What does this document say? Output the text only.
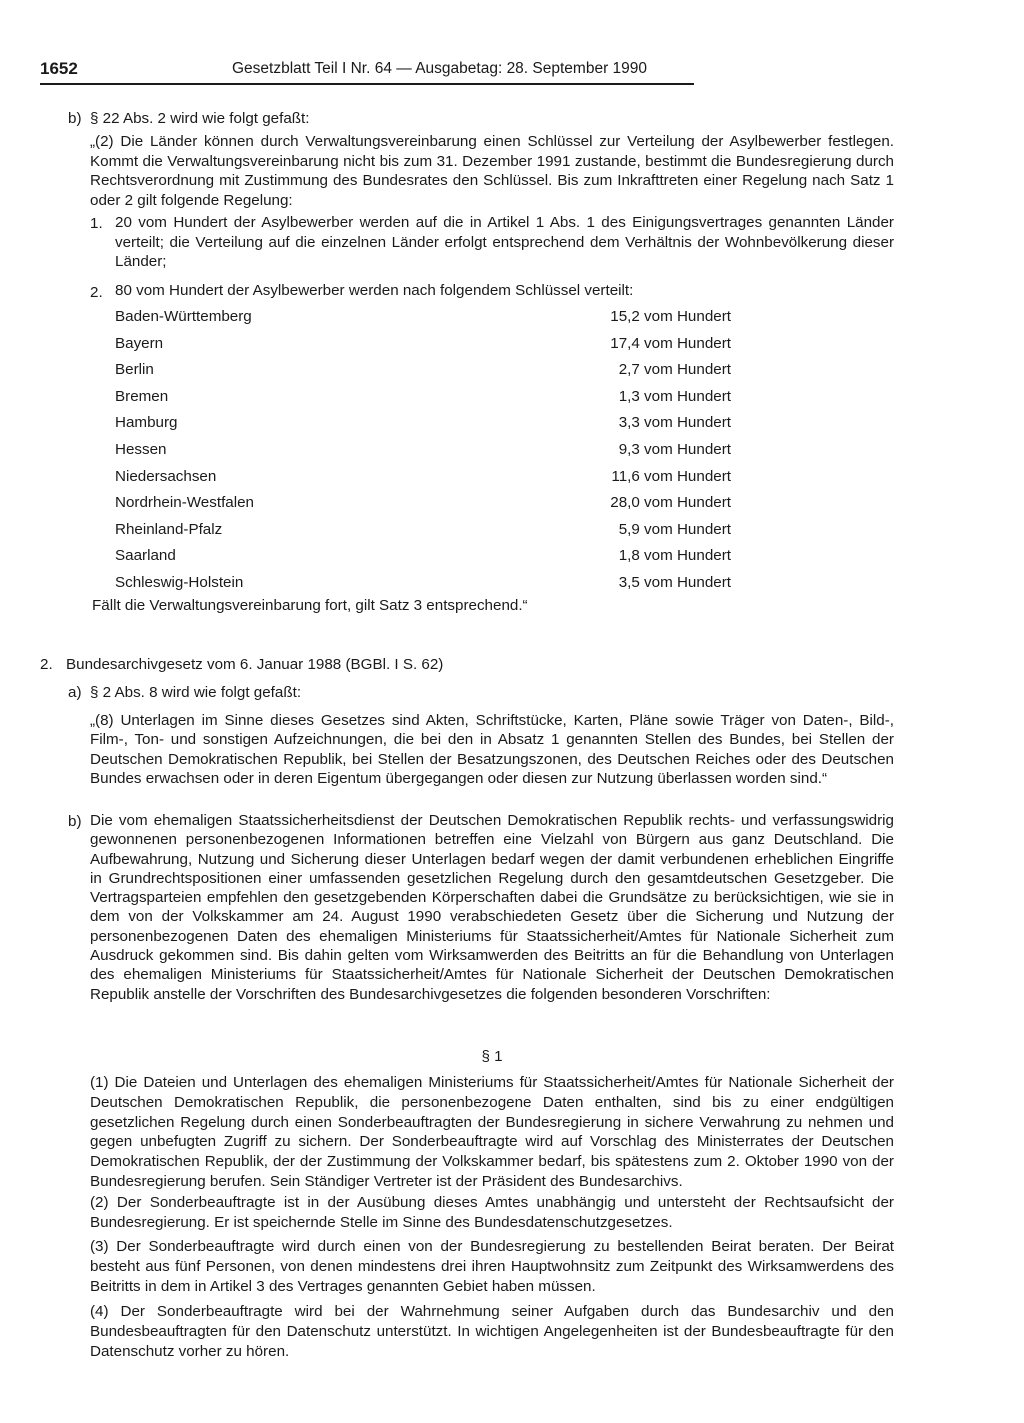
1652	Gesetzblatt Teil I Nr. 64 — Ausgabetag: 28. September 1990
b) § 22 Abs. 2 wird wie folgt gefaßt:

„(2) Die Länder können durch Verwaltungsvereinbarung einen Schlüssel zur Verteilung der Asylbewerber festlegen. Kommt die Verwaltungsvereinbarung nicht bis zum 31. Dezember 1991 zustande, bestimmt die Bundesregierung durch Rechtsverordnung mit Zustimmung des Bundesrates den Schlüssel. Bis zum Inkrafttreten einer Regelung nach Satz 1 oder 2 gilt folgende Regelung:

1. 20 vom Hundert der Asylbewerber werden auf die in Artikel 1 Abs. 1 des Einigungsvertrages genannten Länder verteilt; die Verteilung auf die einzelnen Länder erfolgt entsprechend dem Verhältnis der Wohnbevölkerung dieser Länder;

2. 80 vom Hundert der Asylbewerber werden nach folgendem Schlüssel verteilt:
Baden-Württemberg	15,2 vom Hundert
Bayern	17,4 vom Hundert
Berlin	2,7 vom Hundert
Bremen	1,3 vom Hundert
Hamburg	3,3 vom Hundert
Hessen	9,3 vom Hundert
Niedersachsen	11,6 vom Hundert
Nordrhein-Westfalen	28,0 vom Hundert
Rheinland-Pfalz	5,9 vom Hundert
Saarland	1,8 vom Hundert
Schleswig-Holstein	3,5 vom Hundert
Fällt die Verwaltungsvereinbarung fort, gilt Satz 3 entsprechend.“
2. Bundesarchivgesetz vom 6. Januar 1988 (BGBl. I S. 62)
a) § 2 Abs. 8 wird wie folgt gefaßt:

„(8) Unterlagen im Sinne dieses Gesetzes sind Akten, Schriftstücke, Karten, Pläne sowie Träger von Daten-, Bild-, Film-, Ton- und sonstigen Aufzeichnungen, die bei den in Absatz 1 genannten Stellen des Bundes, bei Stellen der Deutschen Demokratischen Republik, bei Stellen der Besatzungszonen, des Deutschen Reiches oder des Deutschen Bundes erwachsen oder in deren Eigentum übergegangen oder diesen zur Nutzung überlassen worden sind.“

b) Die vom ehemaligen Staatssicherheitsdienst der Deutschen Demokratischen Republik rechts- und verfassungswidrig gewonnenen personenbezogenen Informationen betreffen eine Vielzahl von Bürgern aus ganz Deutschland. Die Aufbewahrung, Nutzung und Sicherung dieser Unterlagen bedarf wegen der damit verbundenen erheblichen Eingriffe in Grundrechtspositionen einer umfassenden gesetzlichen Regelung durch den gesamtdeutschen Gesetzgeber. Die Vertragsparteien empfehlen den gesetzgebenden Körperschaften dabei die Grundsätze zu berücksichtigen, wie sie in dem von der Volkskammer am 24. August 1990 verabschiedeten Gesetz über die Sicherung und Nutzung der personenbezogenen Daten des ehemaligen Ministeriums für Staatssicherheit/Amtes für Nationale Sicherheit zum Ausdruck gekommen sind. Bis dahin gelten vom Wirksamwerden des Beitritts an für die Behandlung von Unterlagen des ehemaligen Ministeriums für Staatssicherheit/Amtes für Nationale Sicherheit der Deutschen Demokratischen Republik anstelle der Vorschriften des Bundesarchivgesetzes die folgenden besonderen Vorschriften:

§ 1

(1) Die Dateien und Unterlagen des ehemaligen Ministeriums für Staatssicherheit/Amtes für Nationale Sicherheit der Deutschen Demokratischen Republik, die personenbezogene Daten enthalten, sind bis zu einer endgültigen gesetzlichen Regelung durch einen Sonderbeauftragten der Bundesregierung in sichere Verwahrung zu nehmen und gegen unbefugten Zugriff zu sichern. Der Sonderbeauftragte wird auf Vorschlag des Ministerrates der Deutschen Demokratischen Republik, der der Zustimmung der Volkskammer bedarf, bis spätestens zum 2. Oktober 1990 von der Bundesregierung berufen. Sein Ständiger Vertreter ist der Präsident des Bundesarchivs.

(2) Der Sonderbeauftragte ist in der Ausübung dieses Amtes unabhängig und untersteht der Rechtsaufsicht der Bundesregierung. Er ist speichernde Stelle im Sinne des Bundesdatenschutzgesetzes.

(3) Der Sonderbeauftragte wird durch einen von der Bundesregierung zu bestellenden Beirat beraten. Der Beirat besteht aus fünf Personen, von denen mindestens drei ihren Hauptwohnsitz zum Zeitpunkt des Wirksamwerdens des Beitritts in dem in Artikel 3 des Vertrages genannten Gebiet haben müssen.

(4) Der Sonderbeauftragte wird bei der Wahrnehmung seiner Aufgaben durch das Bundesarchiv und den Bundesbeauftragten für den Datenschutz unterstützt. In wichtigen Angelegenheiten ist der Bundesbeauftragte für den Datenschutz vorher zu hören.
